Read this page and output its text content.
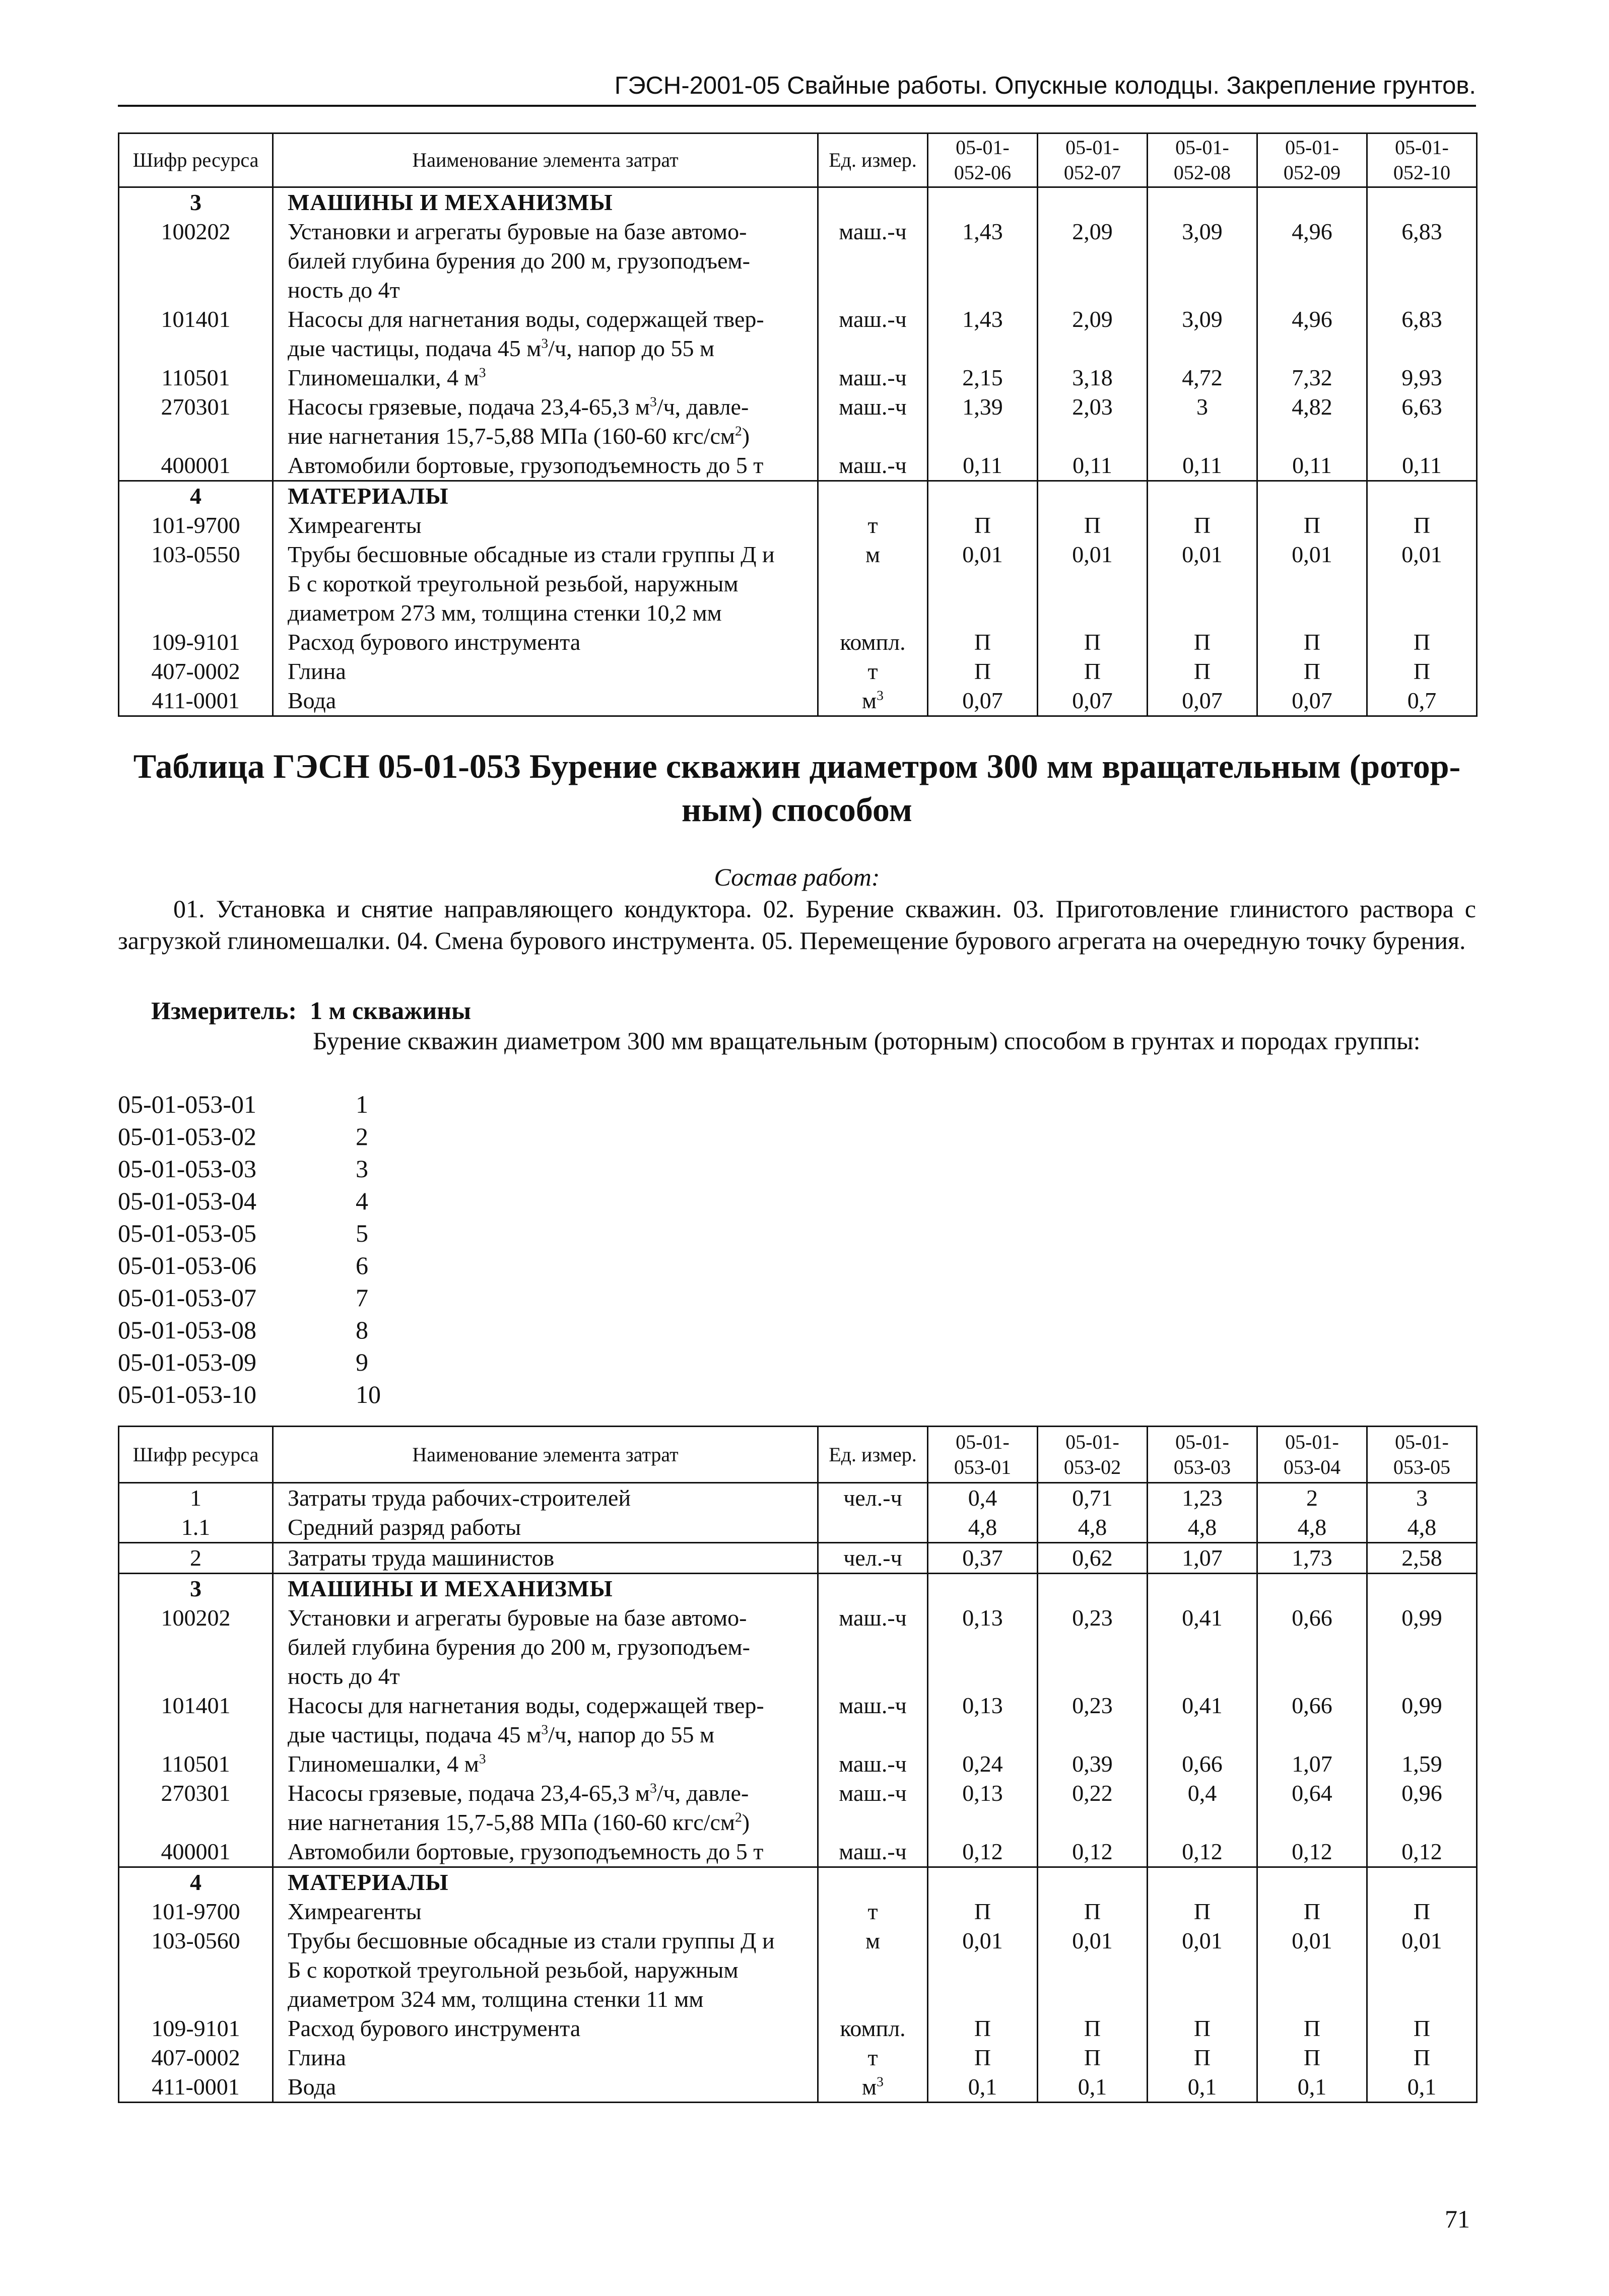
ГЭСН-2001-05 Свайные работы. Опускные колодцы. Закрепление грунтов.
Шифр ресурса	Наименование элемента затрат	Ед. измер.	05-01-
052-06	05-01-
052-07	05-01-
052-08	05-01-
052-09	05-01-
052-10
3	МАШИНЫ И МЕХАНИЗМЫ						
100202	Установки и агрегаты буровые на базе автомо-
билей глубина бурения до 200 м, грузоподъем-
ность до 4т	маш.-ч	1,43	2,09	3,09	4,96	6,83
101401	Насосы для нагнетания воды, содержащей твер-
дые частицы, подача 45 $м^3/ч$, напор до 55 м	маш.-ч	1,43	2,09	3,09	4,96	6,83
110501	Глиномешалки, 4 $м^3$	маш.-ч	2,15	3,18	4,72	7,32	9,93
270301	Насосы грязевые, подача 23,4-65,3 $м^3/ч$, давле-
ние нагнетания 15,7-5,88 МПа (160-60 кгс/$см^2$)	маш.-ч	1,39	2,03	3	4,82	6,63
400001	Автомобили бортовые, грузоподъемность до 5 т	маш.-ч	0,11	0,11	0,11	0,11	0,11
4	МАТЕРИАЛЫ						
101-9700	Химреагенты	т	П	П	П	П	П
103-0550	Трубы бесшовные обсадные из стали группы Д и
Б с короткой треугольной резьбой, наружным
диаметром 273 мм, толщина стенки 10,2 мм	м	0,01	0,01	0,01	0,01	0,01
109-9101	Расход бурового инструмента	компл.	П	П	П	П	П
407-0002	Глина	т	П	П	П	П	П
411-0001	Вода	$м^3$	0,07	0,07	0,07	0,07	0,7
Таблица ГЭСН 05-01-053 Бурение скважин диаметром 300 мм вращательным (ротор-
ным) способом
Состав работ:
01. Установка и снятие направляющего кондуктора. 02. Бурение скважин. 03. Приготовление глинистого раствора с загрузкой глиномешалки. 04. Смена бурового инструмента. 05. Перемещение бурового агрегата на очередную точку бурения.
Измеритель: 1 м скважины
Бурение скважин диаметром 300 мм вращательным (роторным) способом в грунтах и породах группы:
05-01-053-01	1
05-01-053-02	2
05-01-053-03	3
05-01-053-04	4
05-01-053-05	5
05-01-053-06	6
05-01-053-07	7
05-01-053-08	8
05-01-053-09	9
05-01-053-10	10
Шифр ресурса	Наименование элемента затрат	Ед. измер.	05-01-
053-01	05-01-
053-02	05-01-
053-03	05-01-
053-04	05-01-
053-05
1	Затраты труда рабочих-строителей	чел.-ч	0,4	0,71	1,23	2	3
1.1	Средний разряд работы		4,8	4,8	4,8	4,8	4,8
2	Затраты труда машинистов	чел.-ч	0,37	0,62	1,07	1,73	2,58
3	МАШИНЫ И МЕХАНИЗМЫ						
100202	Установки и агрегаты буровые на базе автомо-
билей глубина бурения до 200 м, грузоподъем-
ность до 4т	маш.-ч	0,13	0,23	0,41	0,66	0,99
101401	Насосы для нагнетания воды, содержащей твер-
дые частицы, подача 45 $м^3/ч$, напор до 55 м	маш.-ч	0,13	0,23	0,41	0,66	0,99
110501	Глиномешалки, 4 $м^3$	маш.-ч	0,24	0,39	0,66	1,07	1,59
270301	Насосы грязевые, подача 23,4-65,3 $м^3/ч$, давле-
ние нагнетания 15,7-5,88 МПа (160-60 кгс/$см^2$)	маш.-ч	0,13	0,22	0,4	0,64	0,96
400001	Автомобили бортовые, грузоподъемность до 5 т	маш.-ч	0,12	0,12	0,12	0,12	0,12
4	МАТЕРИАЛЫ						
101-9700	Химреагенты	т	П	П	П	П	П
103-0560	Трубы бесшовные обсадные из стали группы Д и
Б с короткой треугольной резьбой, наружным
диаметром 324 мм, толщина стенки 11 мм	м	0,01	0,01	0,01	0,01	0,01
109-9101	Расход бурового инструмента	компл.	П	П	П	П	П
407-0002	Глина	т	П	П	П	П	П
411-0001	Вода	$м^3$	0,1	0,1	0,1	0,1	0,1
71
